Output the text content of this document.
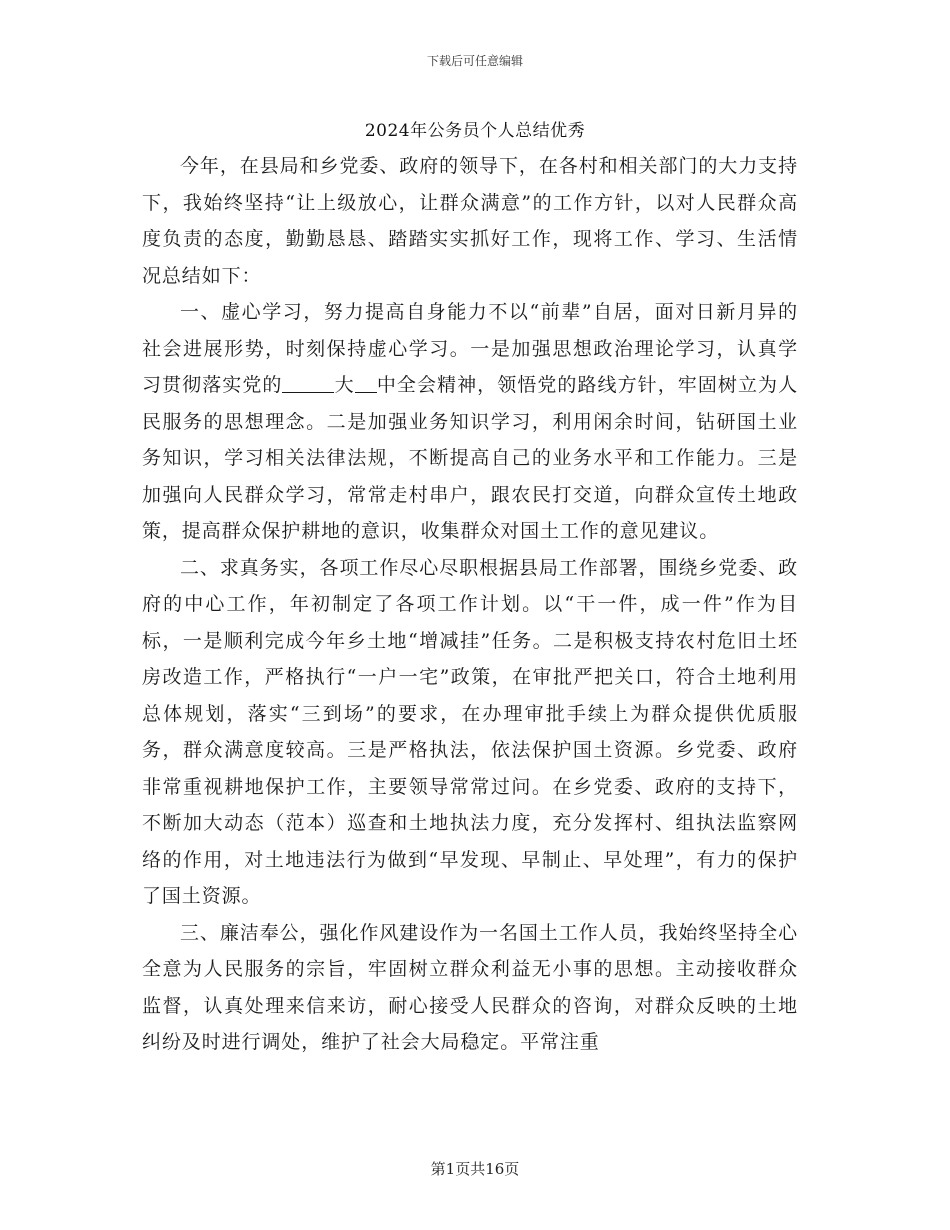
下载后可任意编辑
2024年公务员个人总结优秀

今年，在县局和乡党委、政府的领导下，在各村和相关部门的大力支持下，我始终坚持“让上级放心，让群众满意”的工作方针，以对人民群众高度负责的态度，勤勤恳恳、踏踏实实抓好工作，现将工作、学习、生活情况总结如下：

一、虚心学习，努力提高自身能力不以“前辈”自居，面对日新月异的社会进展形势，时刻保持虚心学习。一是加强思想政治理论学习，认真学习贯彻落实党的	大 中全会精神，领悟党的路线方针，牢固树立为人民服务的思想理念。二是加强业务知识学习，利用闲余时间，钻研国土业务知识，学习相关法律法规，不断提高自己的业务水平和工作能力。三是加强向人民群众学习，常常走村串户，跟农民打交道，向群众宣传土地政策，提高群众保护耕地的意识，收集群众对国土工作的意见建议。

二、求真务实，各项工作尽心尽职根据县局工作部署，围绕乡党委、政府的中心工作，年初制定了各项工作计划。以“干一件，成一件”作为目标，一是顺利完成今年乡土地“增减挂”任务。二是积极支持农村危旧土坯房改造工作，严格执行“一户一宅”政策，在审批严把关口，符合土地利用总体规划，落实“三到场”的要求，在办理审批手续上为群众提供优质服务，群众满意度较高。三是严格执法，依法保护国土资源。乡党委、政府非常重视耕地保护工作，主要领导常常过问。在乡党委、政府的支持下，不断加大动态（范本）巡查和土地执法力度，充分发挥村、组执法监察网络的作用，对土地违法行为做到“早发现、早制止、早处理”，有力的保护了国土资源。

三、廉洁奉公，强化作风建设作为一名国土工作人员，我始终坚持全心全意为人民服务的宗旨，牢固树立群众利益无小事的思想。主动接收群众监督，认真处理来信来访，耐心接受人民群众的咨询，对群众反映的土地纠纷及时进行调处，维护了社会大局稳定。平常注重

第1页共16页
